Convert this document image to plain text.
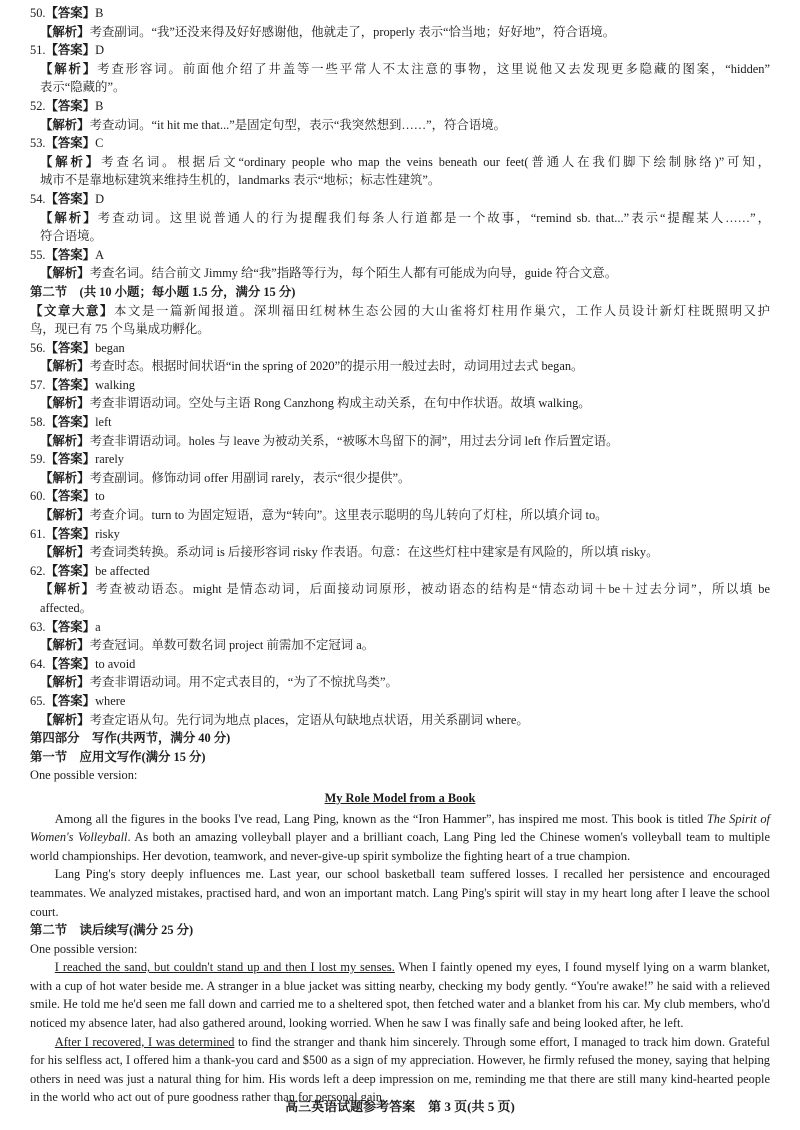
50.【答案】B
【解析】考查副词。“我”还没来得及好好感谢他，他就走了，properly 表示“恰当地；好好地”，符合语境。
51.【答案】D
【解析】考查形容词。前面他介绍了井盖等一些平常人不太注意的事物，这里说他又去发现更多隐藏的图案，“hidden”
表示“隐藏的”。
52.【答案】B
【解析】考查动词。“it hit me that...”是固定句型，表示“我突然想到……”，符合语境。
53.【答案】C
【解析】考查名词。根据后文“ordinary people who map the veins beneath our feet(普通人在我们脚下绘制脉络)”可知，
城市不是靠地标建筑来维持生机的，landmarks 表示“地标；标志性建筑”。
54.【答案】D
【解析】考查动词。这里说普通人的行为提醒我们每条人行道都是一个故事，“remind sb. that...”表示“提醒某人……”，
符合语境。
55.【答案】A
【解析】考查名词。结合前文 Jimmy 给“我”指路等行为，每个陌生人都有可能成为向导，guide 符合文意。
第二节　(共 10 小题；每小题 1.5 分，满分 15 分)
【文章大意】本文是一篇新闻报道。深圳福田红树林生态公园的大山雀将灯柱用作巢穴，工作人员设计新灯柱既照明又护
鸟，现已有 75 个鸟巢成功孵化。
56.【答案】began
【解析】考查时态。根据时间状语“in the spring of 2020”的提示用一般过去时，动词用过去式 began。
57.【答案】walking
【解析】考查非谓语动词。空处与主语 Rong Canzhong 构成主动关系，在句中作状语。故填 walking。
58.【答案】left
【解析】考查非谓语动词。holes 与 leave 为被动关系，“被啄木鸟留下的洞”，用过去分词 left 作后置定语。
59.【答案】rarely
【解析】考查副词。修饰动词 offer 用副词 rarely，表示“很少提供”。
60.【答案】to
【解析】考查介词。turn to 为固定短语，意为“转向”。这里表示聪明的鸟儿转向了灯柱，所以填介词 to。
61.【答案】risky
【解析】考查词类转换。系动词 is 后接形容词 risky 作表语。句意：在这些灯柱中建家是有风险的，所以填 risky。
62.【答案】be affected
【解析】考查被动语态。might 是情态动词，后面接动词原形，被动语态的结构是“情态动词＋be＋过去分词”，所以填 be
affected。
63.【答案】a
【解析】考查冠词。单数可数名词 project 前需加不定冠词 a。
64.【答案】to avoid
【解析】考查非谓语动词。用不定式表目的，“为了不惊扰鸟类”。
65.【答案】where
【解析】考查定语从句。先行词为地点 places，定语从句缺地点状语，用关系副词 where。
第四部分　写作(共两节，满分 40 分)
第一节　应用文写作(满分 15 分)
One possible version:
My Role Model from a Book
Among all the figures in the books I've read, Lang Ping, known as the “Iron Hammer”, has inspired me most. This book is titled The Spirit of Women's Volleyball. As both an amazing volleyball player and a brilliant coach, Lang Ping led the Chinese women's volleyball team to multiple world championships. Her devotion, teamwork, and never-give-up spirit symbolize the fighting heart of a true champion.
Lang Ping's story deeply influences me. Last year, our school basketball team suffered losses. I recalled her persistence and encouraged teammates. We analyzed mistakes, practised hard, and won an important match. Lang Ping's spirit will stay in my heart long after I leave the school court.
第二节　读后续写(满分 25 分)
One possible version:
I reached the sand, but couldn't stand up and then I lost my senses. When I faintly opened my eyes, I found myself lying on a warm blanket, with a cup of hot water beside me. A stranger in a blue jacket was sitting nearby, checking my body gently. “You're awake!” he said with a relieved smile. He told me he'd seen me fall down and carried me to a sheltered spot, then fetched water and a blanket from his car. My club members, who'd noticed my absence later, had also gathered around, looking worried. When he saw I was finally safe and being looked after, he left.
After I recovered, I was determined to find the stranger and thank him sincerely. Through some effort, I managed to track him down. Grateful for his selfless act, I offered him a thank-you card and $500 as a sign of my appreciation. However, he firmly refused the money, saying that helping others in need was just a natural thing for him. His words left a deep impression on me, reminding me that there are still many kind-hearted people in the world who act out of pure goodness rather than for personal gain.
高三英语试题参考答案　第 3 页(共 5 页)
